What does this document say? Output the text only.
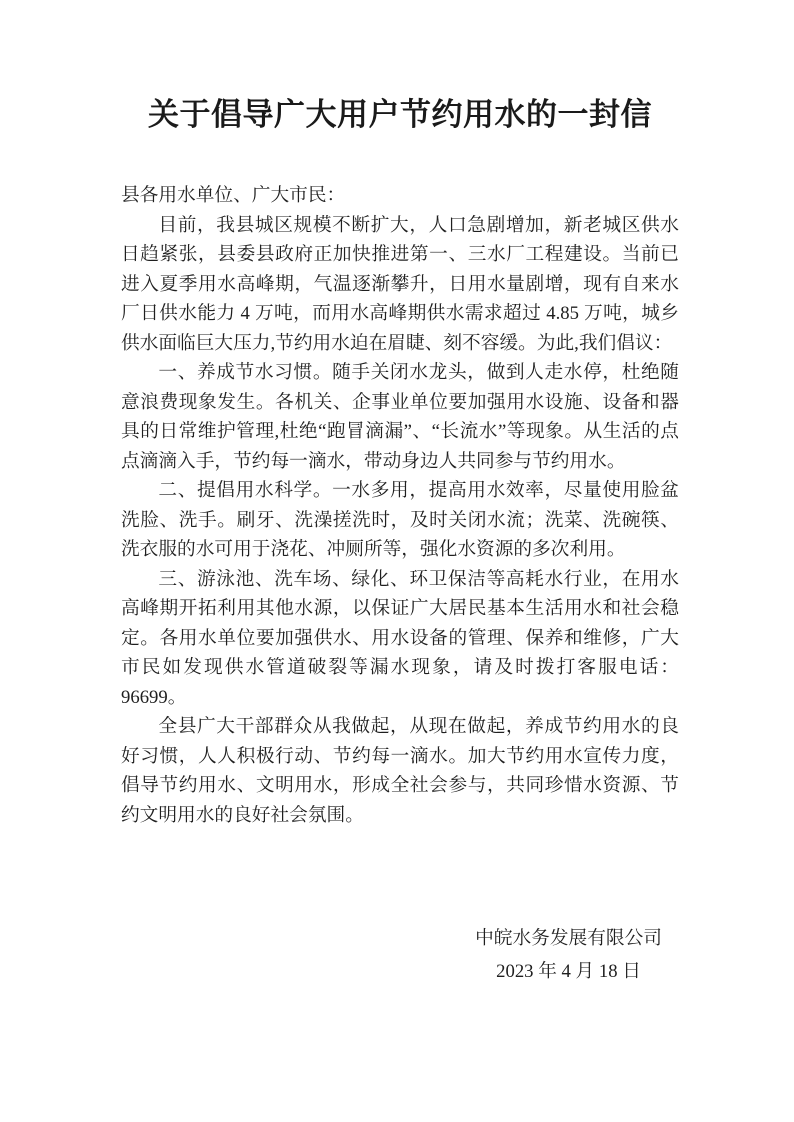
关于倡导广大用户节约用水的一封信

县各用水单位、广大市民：

目前，我县城区规模不断扩大，人口急剧增加，新老城区供水日趋紧张，县委县政府正加快推进第一、三水厂工程建设。当前已进入夏季用水高峰期，气温逐渐攀升，日用水量剧增，现有自来水厂日供水能力 4 万吨，而用水高峰期供水需求超过 4.85 万吨，城乡供水面临巨大压力,节约用水迫在眉睫、刻不容缓。为此,我们倡议：

一、养成节水习惯。随手关闭水龙头，做到人走水停，杜绝随意浪费现象发生。各机关、企事业单位要加强用水设施、设备和器具的日常维护管理,杜绝“跑冒滴漏”、“长流水”等现象。从生活的点点滴滴入手，节约每一滴水，带动身边人共同参与节约用水。

二、提倡用水科学。一水多用，提高用水效率，尽量使用脸盆洗脸、洗手。刷牙、洗澡搓洗时，及时关闭水流；洗菜、洗碗筷、洗衣服的水可用于浇花、冲厕所等，强化水资源的多次利用。

三、游泳池、洗车场、绿化、环卫保洁等高耗水行业，在用水高峰期开拓利用其他水源，以保证广大居民基本生活用水和社会稳定。各用水单位要加强供水、用水设备的管理、保养和维修，广大市民如发现供水管道破裂等漏水现象，请及时拨打客服电话：96699。

全县广大干部群众从我做起，从现在做起，养成节约用水的良好习惯，人人积极行动、节约每一滴水。加大节约用水宣传力度，倡导节约用水、文明用水，形成全社会参与，共同珍惜水资源、节约文明用水的良好社会氛围。

中皖水务发展有限公司
2023 年 4 月 18 日
